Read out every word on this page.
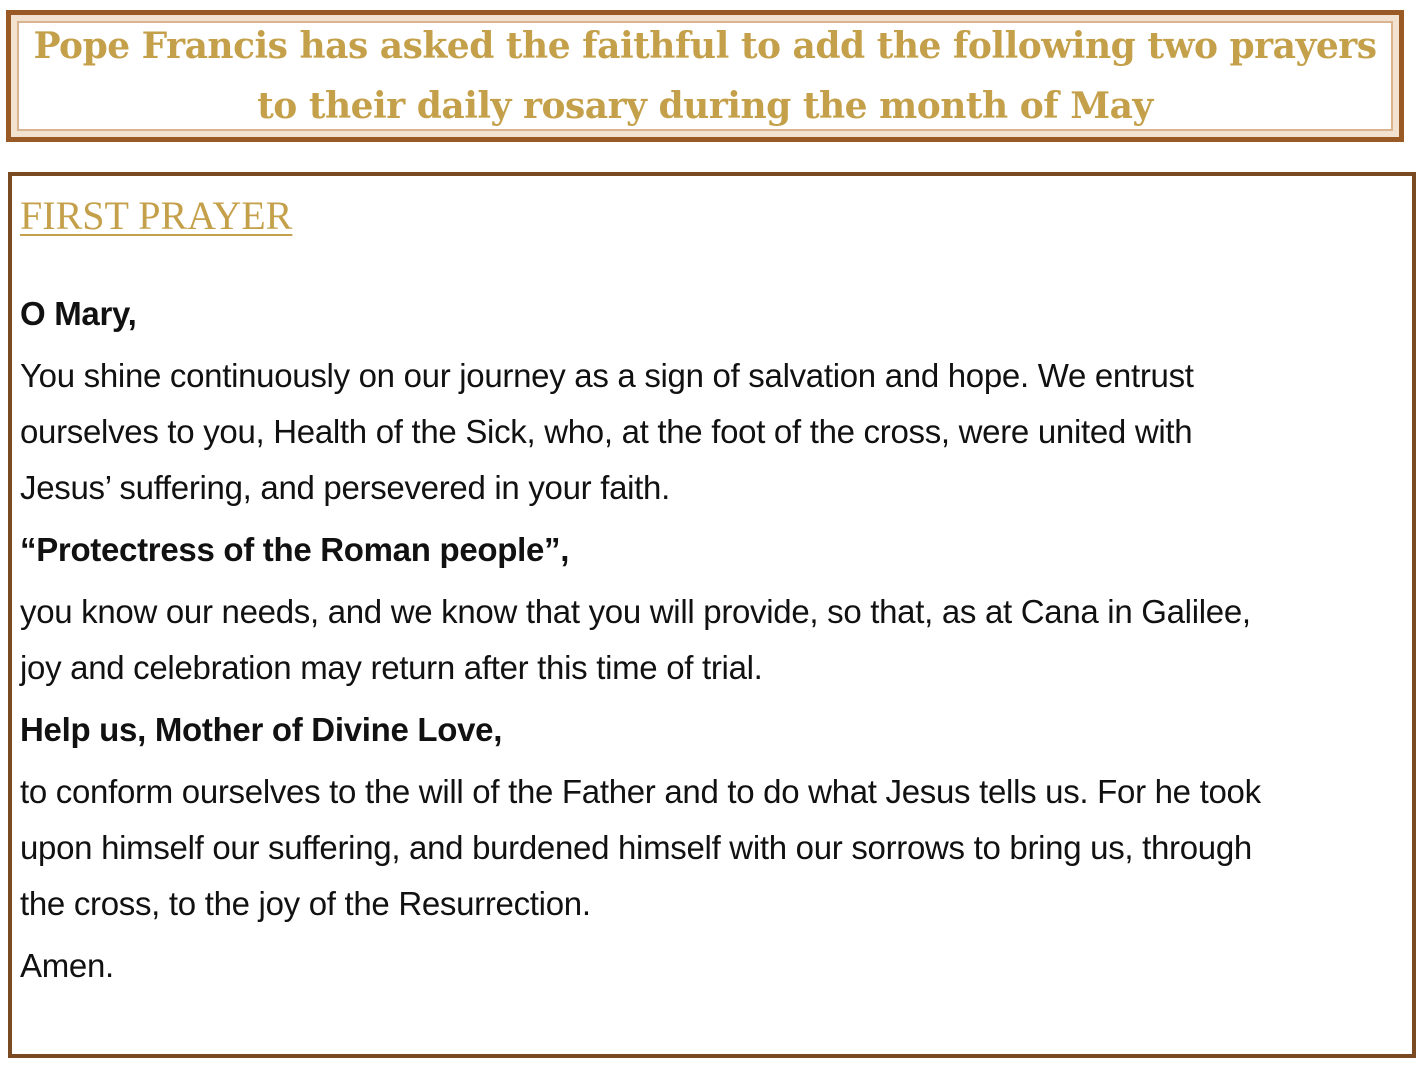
Pope Francis has asked the faithful to add the following two prayers
to their daily rosary during the month of May
FIRST PRAYER

O Mary,

You shine continuously on our journey as a sign of salvation and hope. We entrust

ourselves to you, Health of the Sick, who, at the foot of the cross, were united with

Jesus’ suffering, and persevered in your faith.

“Protectress of the Roman people”,

you know our needs, and we know that you will provide, so that, as at Cana in Galilee,

joy and celebration may return after this time of trial.

Help us, Mother of Divine Love,

to conform ourselves to the will of the Father and to do what Jesus tells us. For he took

upon himself our suffering, and burdened himself with our sorrows to bring us, through

the cross, to the joy of the Resurrection.

Amen.
